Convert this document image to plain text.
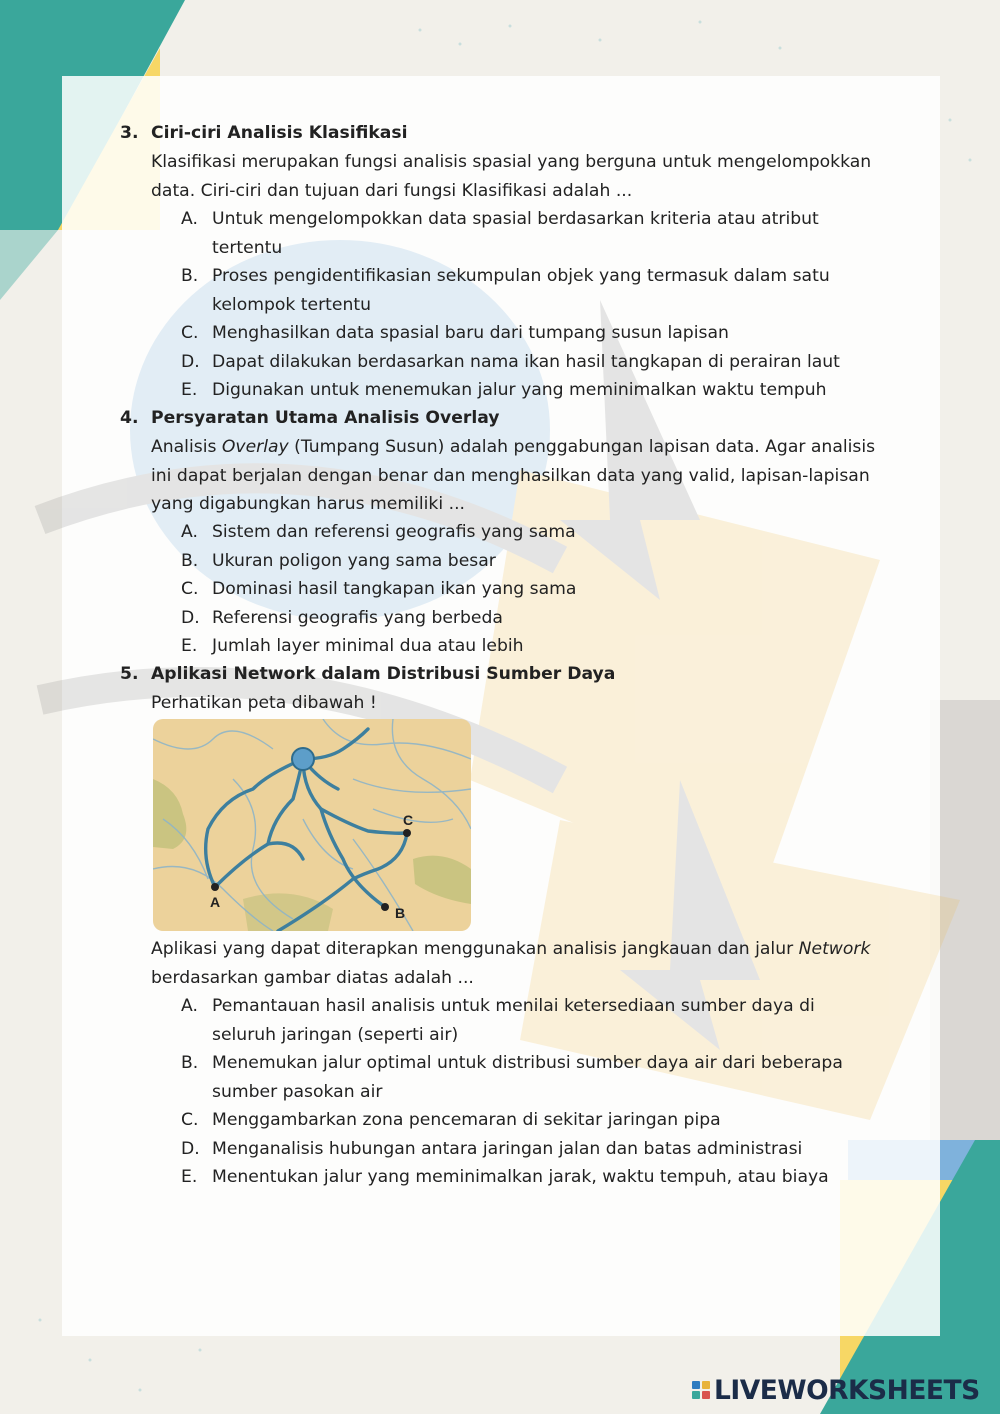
3. Ciri-ciri Analisis Klasifikasi
Klasifikasi merupakan fungsi analisis spasial yang berguna untuk mengelompokkan
data. Ciri-ciri dan tujuan dari fungsi Klasifikasi adalah ...
A. Untuk mengelompokkan data spasial berdasarkan kriteria atau atribut
tertentu
B. Proses pengidentifikasian sekumpulan objek yang termasuk dalam satu
kelompok tertentu
C. Menghasilkan data spasial baru dari tumpang susun lapisan
D. Dapat dilakukan berdasarkan nama ikan hasil tangkapan di perairan laut
E. Digunakan untuk menemukan jalur yang meminimalkan waktu tempuh
4. Persyaratan Utama Analisis Overlay
Analisis Overlay (Tumpang Susun) adalah penggabungan lapisan data. Agar analisis
ini dapat berjalan dengan benar dan menghasilkan data yang valid, lapisan-lapisan
yang digabungkan harus memiliki ...
A. Sistem dan referensi geografis yang sama
B. Ukuran poligon yang sama besar
C. Dominasi hasil tangkapan ikan yang sama
D. Referensi geografis yang berbeda
E. Jumlah layer minimal dua atau lebih
5. Aplikasi Network dalam Distribusi Sumber Daya
Perhatikan peta dibawah !
A
B
C
Aplikasi yang dapat diterapkan menggunakan analisis jangkauan dan jalur Network
berdasarkan gambar diatas adalah ...
A. Pemantauan hasil analisis untuk menilai ketersediaan sumber daya di
seluruh jaringan (seperti air)
B. Menemukan jalur optimal untuk distribusi sumber daya air dari beberapa
sumber pasokan air
C. Menggambarkan zona pencemaran di sekitar jaringan pipa
D. Menganalisis hubungan antara jaringan jalan dan batas administrasi
E. Menentukan jalur yang meminimalkan jarak, waktu tempuh, atau biaya
LIVEWORKSHEETS
